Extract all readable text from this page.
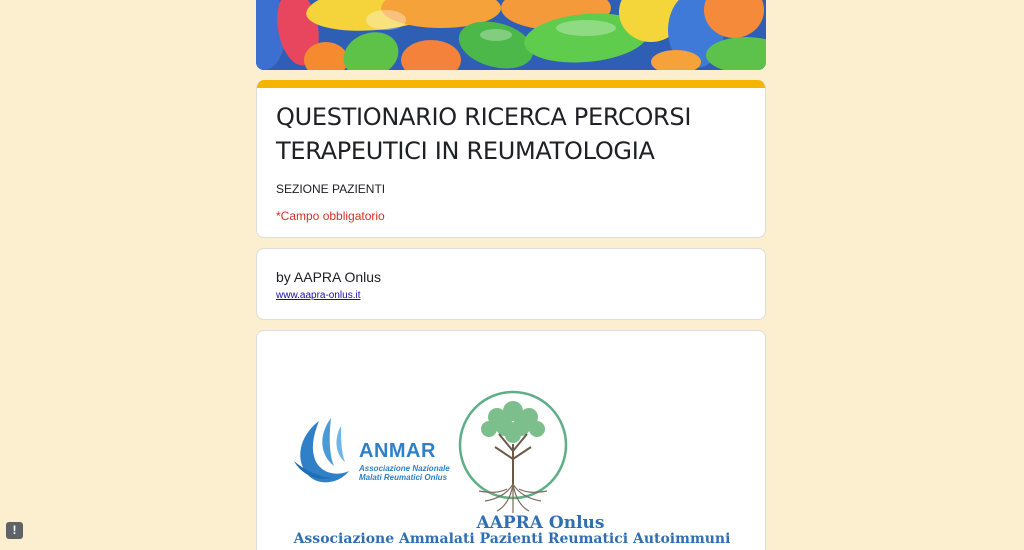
QUESTIONARIO RICERCA PERCORSI TERAPEUTICI IN REUMATOLOGIA
SEZIONE PAZIENTI
*Campo obbligatorio
by AAPRA Onlus
www.aapra-onlus.it
ANMAR
Associazione Nazionale Malati Reumatici Onlus
AAPRA Onlus
Associazione Ammalati Pazienti Reumatici Autoimmuni
!
